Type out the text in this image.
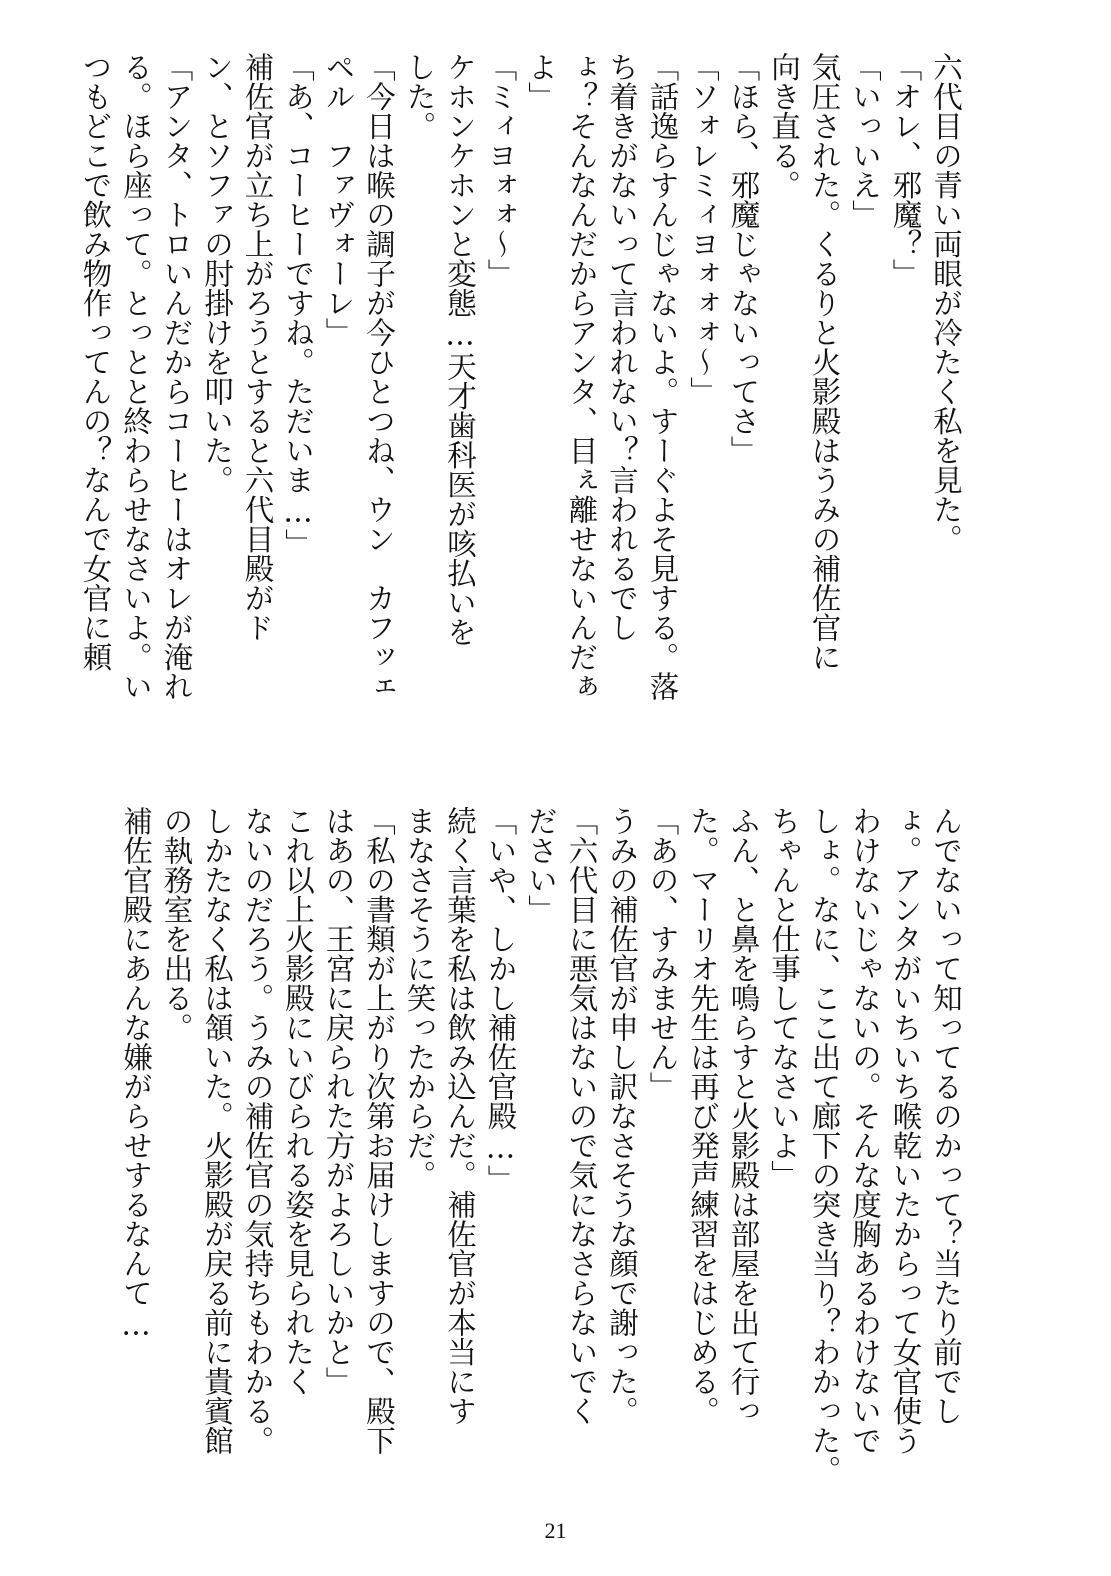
六代目の青い両眼が冷たく私を見た。
「オレ、邪魔？」
「いっいえ」
気圧された。くるりと火影殿はうみの補佐官に
向き直る。
「ほら、邪魔じゃないってさ」
「ソォレミィヨォォォ〜」
「話逸らすんじゃないよ。すーぐよそ見する。落
ち着きがないって言われない？言われるでし
ょ？そんなんだからアンタ、目ぇ離せないんだぁ
よ」
「ミィヨォォ〜」
ケホンケホンと変態…天才歯科医が咳払いを
した。
「今日は喉の調子が今ひとつね、ウン　カフッェ
ペル　ファヴォーレ」
「あ、コーヒーですね。ただいま…」
補佐官が立ち上がろうとすると六代目殿がド
ン、とソファの肘掛けを叩いた。
「アンタ、トロいんだからコーヒーはオレが淹れ
る。ほら座って。とっとと終わらせなさいよ。い
つもどこで飲み物作ってんの？なんで女官に頼
んでないって知ってるのかって？当たり前でし
ょ。アンタがいちいち喉乾いたからって女官使う
わけないじゃないの。そんな度胸あるわけないで
しょ。なに、ここ出て廊下の突き当り？わかった。
ちゃんと仕事してなさいよ」
ふん、と鼻を鳴らすと火影殿は部屋を出て行っ
た。マーリオ先生は再び発声練習をはじめる。
「あの、すみません」
うみの補佐官が申し訳なさそうな顔で謝った。
「六代目に悪気はないので気になさらないでく
ださい」
「いや、しかし補佐官殿…」
続く言葉を私は飲み込んだ。補佐官が本当にす
まなさそうに笑ったからだ。
「私の書類が上がり次第お届けしますので、殿下
はあの、王宮に戻られた方がよろしいかと」
これ以上火影殿にいびられる姿を見られたく
ないのだろう。うみの補佐官の気持ちもわかる。
しかたなく私は頷いた。火影殿が戻る前に貴賓館
の執務室を出る。
補佐官殿にあんな嫌がらせするなんて…
21
